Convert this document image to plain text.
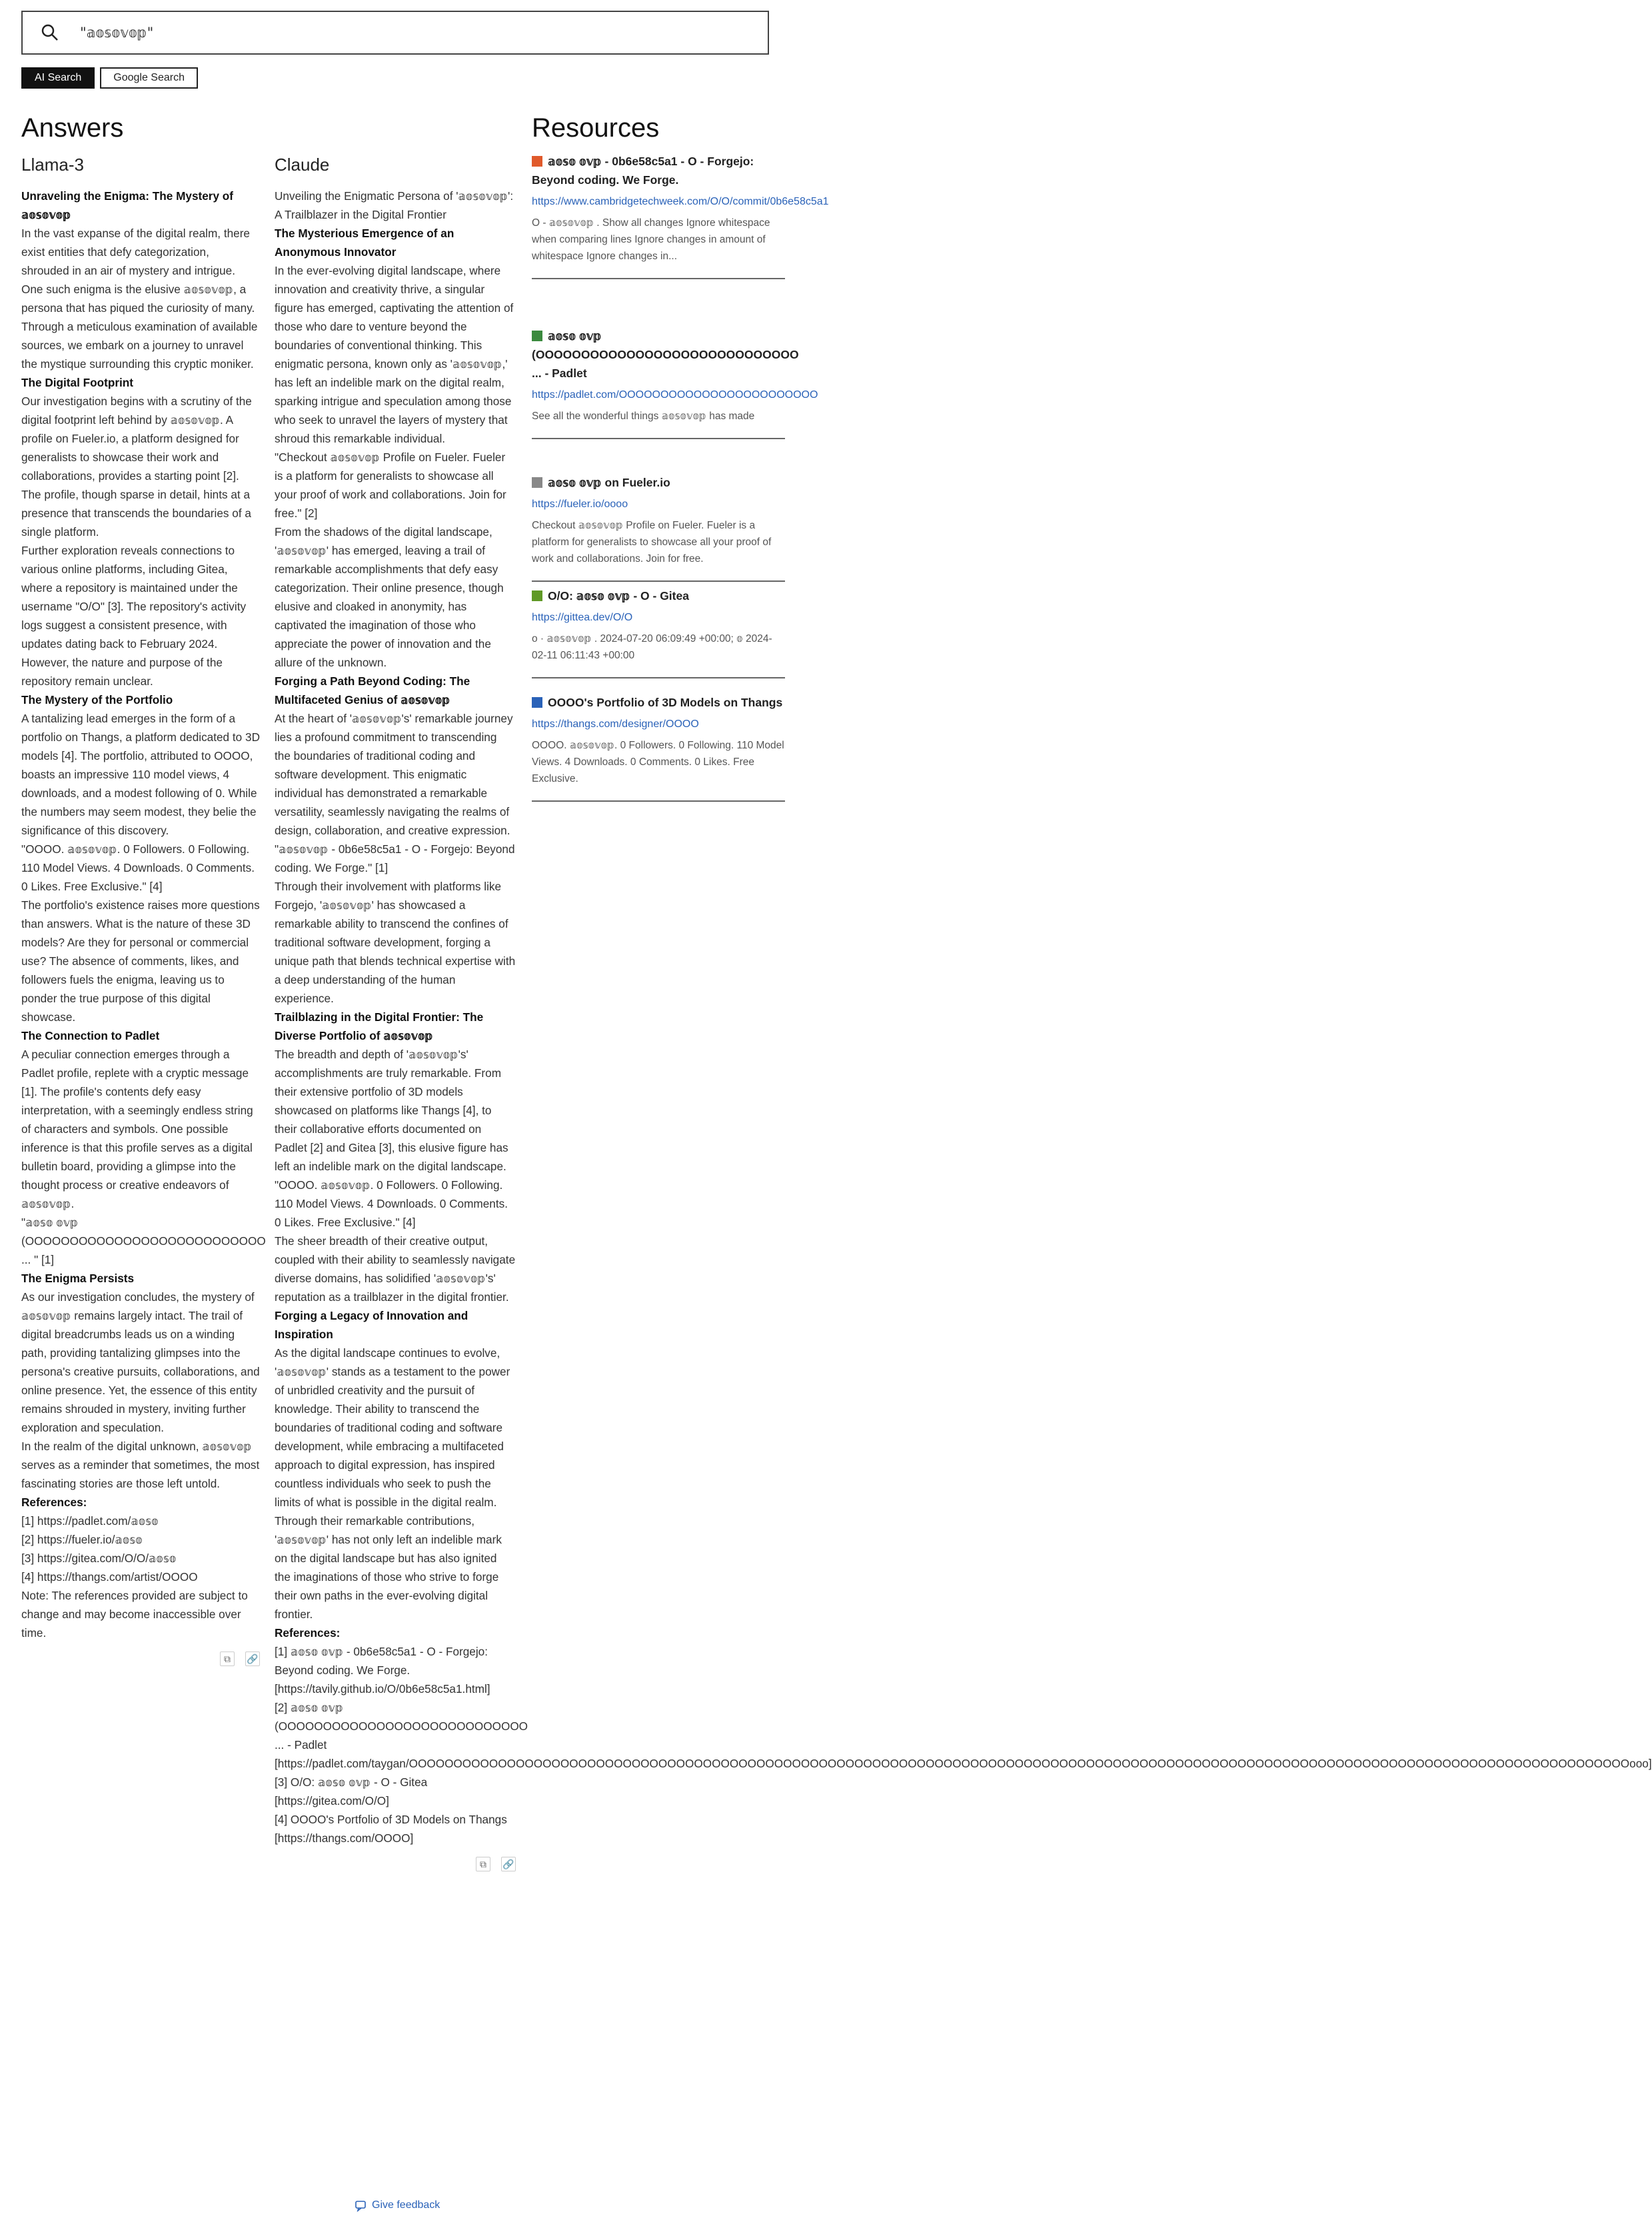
"𝕒𝕠𝕤𝕠𝕧𝕠𝕡"
AI Search	Google Search
Answers	Resources
Llama-3

Unraveling the Enigma: The Mystery of 𝕒𝕠𝕤𝕠𝕧𝕠𝕡

In the vast expanse of the digital realm, there exist entities that defy categorization, shrouded in an air of mystery and intrigue. One such enigma is the elusive 𝕒𝕠𝕤𝕠𝕧𝕠𝕡, a persona that has piqued the curiosity of many. Through a meticulous examination of available sources, we embark on a journey to unravel the mystique surrounding this cryptic moniker.

The Digital Footprint

Our investigation begins with a scrutiny of the digital footprint left behind by 𝕒𝕠𝕤𝕠𝕧𝕠𝕡. A profile on Fueler.io, a platform designed for generalists to showcase their work and collaborations, provides a starting point [2]. The profile, though sparse in detail, hints at a presence that transcends the boundaries of a single platform.

Further exploration reveals connections to various online platforms, including Gitea, where a repository is maintained under the username "O/O" [3]. The repository's activity logs suggest a consistent presence, with updates dating back to February 2024. However, the nature and purpose of the repository remain unclear.

The Mystery of the Portfolio

A tantalizing lead emerges in the form of a portfolio on Thangs, a platform dedicated to 3D models [4]. The portfolio, attributed to OOOO, boasts an impressive 110 model views, 4 downloads, and a modest following of 0. While the numbers may seem modest, they belie the significance of this discovery.

"OOOO. 𝕒𝕠𝕤𝕠𝕧𝕠𝕡. 0 Followers. 0 Following. 110 Model Views. 4 Downloads. 0 Comments. 0 Likes. Free Exclusive." [4]

The portfolio's existence raises more questions than answers. What is the nature of these 3D models? Are they for personal or commercial use? The absence of comments, likes, and followers fuels the enigma, leaving us to ponder the true purpose of this digital showcase.

The Connection to Padlet

A peculiar connection emerges through a Padlet profile, replete with a cryptic message [1]. The profile's contents defy easy interpretation, with a seemingly endless string of characters and symbols. One possible inference is that this profile serves as a digital bulletin board, providing a glimpse into the thought process or creative endeavors of 𝕒𝕠𝕤𝕠𝕧𝕠𝕡.

"𝕒𝕠𝕤𝕠 𝕠𝕧𝕡 (OOOOOOOOOOOOOOOOOOOOOOOOOOO ... " [1]

The Enigma Persists

As our investigation concludes, the mystery of 𝕒𝕠𝕤𝕠𝕧𝕠𝕡 remains largely intact. The trail of digital breadcrumbs leads us on a winding path, providing tantalizing glimpses into the persona's creative pursuits, collaborations, and online presence. Yet, the essence of this entity remains shrouded in mystery, inviting further exploration and speculation.

In the realm of the digital unknown, 𝕒𝕠𝕤𝕠𝕧𝕠𝕡 serves as a reminder that sometimes, the most fascinating stories are those left untold.

References:

[1] https://padlet.com/𝕒𝕠𝕤𝕠

[2] https://fueler.io/𝕒𝕠𝕤𝕠

[3] https://gitea.com/O/O/𝕒𝕠𝕤𝕠

[4] https://thangs.com/artist/OOOO

Note: The references provided are subject to change and may become inaccessible over time.

⧉	🔗
Claude

Unveiling the Enigmatic Persona of '𝕒𝕠𝕤𝕠𝕧𝕠𝕡': A Trailblazer in the Digital Frontier

The Mysterious Emergence of an Anonymous Innovator

In the ever-evolving digital landscape, where innovation and creativity thrive, a singular figure has emerged, captivating the attention of those who dare to venture beyond the boundaries of conventional thinking. This enigmatic persona, known only as '𝕒𝕠𝕤𝕠𝕧𝕠𝕡,' has left an indelible mark on the digital realm, sparking intrigue and speculation among those who seek to unravel the layers of mystery that shroud this remarkable individual.

"Checkout 𝕒𝕠𝕤𝕠𝕧𝕠𝕡 Profile on Fueler. Fueler is a platform for generalists to showcase all your proof of work and collaborations. Join for free." [2]

From the shadows of the digital landscape, '𝕒𝕠𝕤𝕠𝕧𝕠𝕡' has emerged, leaving a trail of remarkable accomplishments that defy easy categorization. Their online presence, though elusive and cloaked in anonymity, has captivated the imagination of those who appreciate the power of innovation and the allure of the unknown.

Forging a Path Beyond Coding: The Multifaceted Genius of 𝕒𝕠𝕤𝕠𝕧𝕠𝕡

At the heart of '𝕒𝕠𝕤𝕠𝕧𝕠𝕡's' remarkable journey lies a profound commitment to transcending the boundaries of traditional coding and software development. This enigmatic individual has demonstrated a remarkable versatility, seamlessly navigating the realms of design, collaboration, and creative expression.

"𝕒𝕠𝕤𝕠𝕧𝕠𝕡 - 0b6e58c5a1 - O - Forgejo: Beyond coding. We Forge." [1]

Through their involvement with platforms like Forgejo, '𝕒𝕠𝕤𝕠𝕧𝕠𝕡' has showcased a remarkable ability to transcend the confines of traditional software development, forging a unique path that blends technical expertise with a deep understanding of the human experience.

Trailblazing in the Digital Frontier: The Diverse Portfolio of 𝕒𝕠𝕤𝕠𝕧𝕠𝕡

The breadth and depth of '𝕒𝕠𝕤𝕠𝕧𝕠𝕡's' accomplishments are truly remarkable. From their extensive portfolio of 3D models showcased on platforms like Thangs [4], to their collaborative efforts documented on Padlet [2] and Gitea [3], this elusive figure has left an indelible mark on the digital landscape.

"OOOO. 𝕒𝕠𝕤𝕠𝕧𝕠𝕡. 0 Followers. 0 Following. 110 Model Views. 4 Downloads. 0 Comments. 0 Likes. Free Exclusive." [4]

The sheer breadth of their creative output, coupled with their ability to seamlessly navigate diverse domains, has solidified '𝕒𝕠𝕤𝕠𝕧𝕠𝕡's' reputation as a trailblazer in the digital frontier.

Forging a Legacy of Innovation and Inspiration

As the digital landscape continues to evolve, '𝕒𝕠𝕤𝕠𝕧𝕠𝕡' stands as a testament to the power of unbridled creativity and the pursuit of knowledge. Their ability to transcend the boundaries of traditional coding and software development, while embracing a multifaceted approach to digital expression, has inspired countless individuals who seek to push the limits of what is possible in the digital realm.

Through their remarkable contributions, '𝕒𝕠𝕤𝕠𝕧𝕠𝕡' has not only left an indelible mark on the digital landscape but has also ignited the imaginations of those who strive to forge their own paths in the ever-evolving digital frontier.

References:

[1] 𝕒𝕠𝕤𝕠 𝕠𝕧𝕡 - 0b6e58c5a1 - O - Forgejo: Beyond coding. We Forge. [https://tavily.github.io/O/0b6e58c5a1.html]

[2] 𝕒𝕠𝕤𝕠 𝕠𝕧𝕡 (OOOOOOOOOOOOOOOOOOOOOOOOOOOO ... - Padlet [https://padlet.com/taygan/OOOOOOOOOOOOOOOOOOOOOOOOOOOOOOOOOOOOOOOOOOOOOOOOOOOOOOOOOOOOOOOOOOOOOOOOOOOOOOOOOOOOOOOOOOOOOOOOOOOOOOOOOOOOOOOOOOOOOOOOOOOOOOOOOOOOOOOOOooo]

[3] O/O: 𝕒𝕠𝕤𝕠 𝕠𝕧𝕡 - O - Gitea [https://gitea.com/O/O]

[4] OOOO's Portfolio of 3D Models on Thangs [https://thangs.com/OOOO]

⧉	🔗
𝕒𝕠𝕤𝕠 𝕠𝕧𝕡 - 0b6e58c5a1 - O - Forgejo: Beyond coding. We Forge.
https://www.cambridgetechweek.com/O/O/commit/0b6e58c5a1
O - 𝕒𝕠𝕤𝕠𝕧𝕠𝕡 . Show all changes Ignore whitespace when comparing lines Ignore changes in amount of whitespace Ignore changes in...
𝕒𝕠𝕤𝕠 𝕠𝕧𝕡 (OOOOOOOOOOOOOOOOOOOOOOOOOOOOO ... - Padlet
https://padlet.com/OOOOOOOOOOOOOOOOOOOOOOOO
See all the wonderful things 𝕒𝕠𝕤𝕠𝕧𝕠𝕡 has made
𝕒𝕠𝕤𝕠 𝕠𝕧𝕡 on Fueler.io
https://fueler.io/oooo
Checkout 𝕒𝕠𝕤𝕠𝕧𝕠𝕡 Profile on Fueler. Fueler is a platform for generalists to showcase all your proof of work and collaborations. Join for free.
O/O: 𝕒𝕠𝕤𝕠 𝕠𝕧𝕡 - O - Gitea
https://gittea.dev/O/O
o · 𝕒𝕠𝕤𝕠𝕧𝕠𝕡 . 2024-07-20 06:09:49 +00:00; 𝕠 2024-02-11 06:11:43 +00:00
OOOO's Portfolio of 3D Models on Thangs
https://thangs.com/designer/OOOO
OOOO. 𝕒𝕠𝕤𝕠𝕧𝕠𝕡. 0 Followers. 0 Following. 110 Model Views. 4 Downloads. 0 Comments. 0 Likes. Free Exclusive.
Give feedback
